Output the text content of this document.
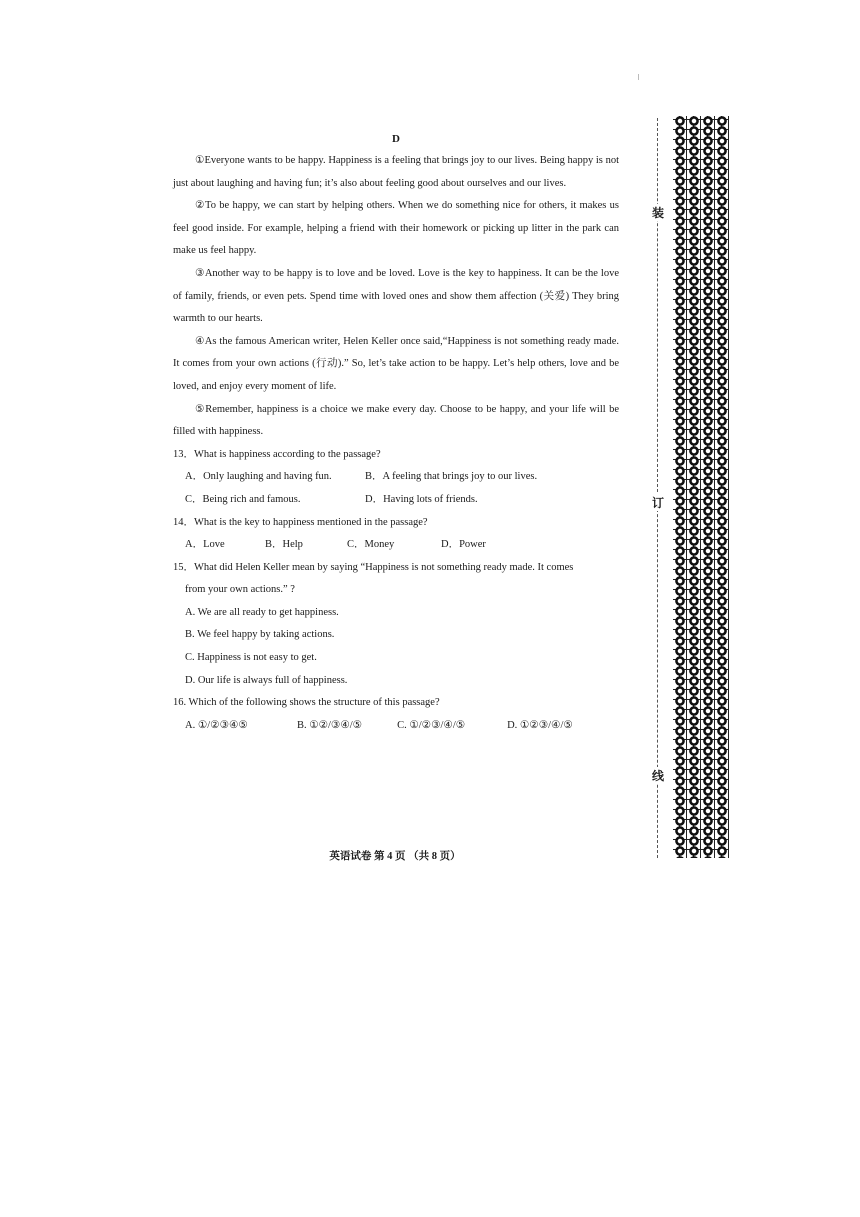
D

①Everyone wants to be happy. Happiness is a feeling that brings joy to our lives. Being happy is not just about laughing and having fun; it’s also about feeling good about ourselves and our lives.

②To be happy, we can start by helping others. When we do something nice for others, it makes us feel good inside. For example, helping a friend with their homework or picking up litter in the park can make us feel happy.

③Another way to be happy is to love and be loved. Love is the key to happiness. It can be the love of family, friends, or even pets. Spend time with loved ones and show them affection (关爱) They bring warmth to our hearts.

④As the famous American writer, Helen Keller once said,“Happiness is not something ready made. It comes from your own actions (行动).” So, let’s take action to be happy. Let’s help others, love and be loved, and enjoy every moment of life.

⑤Remember, happiness is a choice we make every day. Choose to be happy, and your life will be filled with happiness.

13．What is happiness according to the passage?

A．Only laughing and having fun.	B．A feeling that brings joy to our lives.
C．Being rich and famous.	D．Having lots of friends.

14．What is the key to happiness mentioned in the passage?

A．Love	B．Help	C．Money	D．Power

15．What did Helen Keller mean by saying “Happiness is not something ready made. It comes

from your own actions.” ?

A. We are all ready to get happiness.

B. We feel happy by taking actions.

C. Happiness is not easy to get.

D. Our life is always full of happiness.

16. Which of the following shows the structure of this passage?

A. ①/②③④⑤	B. ①②/③④/⑤	C. ①/②③/④/⑤	D. ①②③/④/⑤
英语试卷 第 4 页 （共 8 页）
装
订
线
